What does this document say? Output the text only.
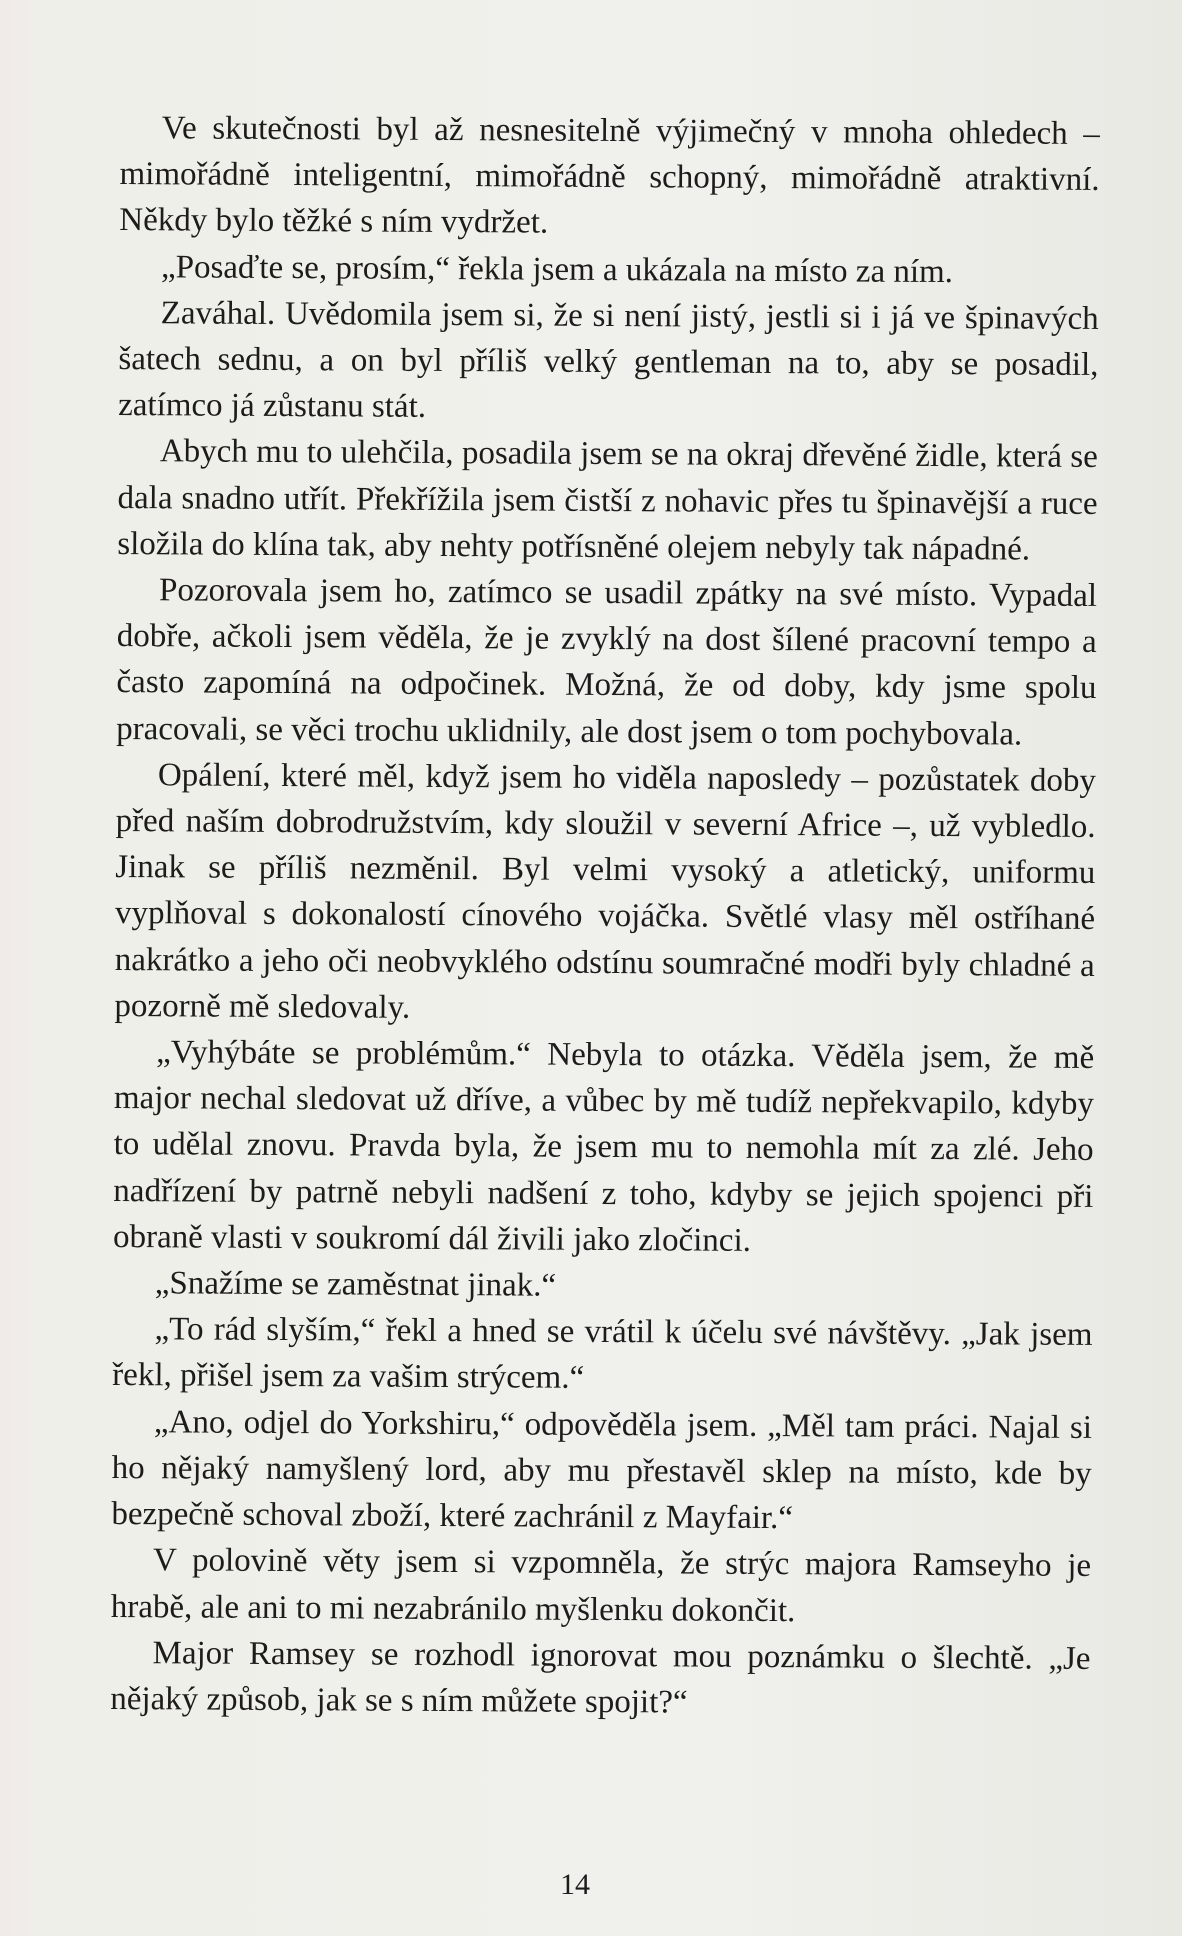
Ve skutečnosti byl až nesnesitelně výjimečný v mnoha ohledech – mimořádně inteligentní, mimořádně schopný, mimořádně atraktivní. Někdy bylo těžké s ním vydržet.

„Posaďte se, prosím,“ řekla jsem a ukázala na místo za ním.

Zaváhal. Uvědomila jsem si, že si není jistý, jestli si i já ve špinavých šatech sednu, a on byl příliš velký gentleman na to, aby se posadil, zatímco já zůstanu stát.

Abych mu to ulehčila, posadila jsem se na okraj dřevěné židle, která se dala snadno utřít. Překřížila jsem čistší z nohavic přes tu špinavější a ruce složila do klína tak, aby nehty potřísněné olejem nebyly tak nápadné.

Pozorovala jsem ho, zatímco se usadil zpátky na své místo. Vypadal dobře, ačkoli jsem věděla, že je zvyklý na dost šílené pracovní tempo a často zapomíná na odpočinek. Možná, že od doby, kdy jsme spolu pracovali, se věci trochu uklidnily, ale dost jsem o tom pochybovala.

Opálení, které měl, když jsem ho viděla naposledy – pozůstatek doby před naším dobrodružstvím, kdy sloužil v severní Africe –, už vybledlo. Jinak se příliš nezměnil. Byl velmi vysoký a atletický, uniformu vyplňoval s dokonalostí cínového vojáčka. Světlé vlasy měl ostříhané nakrátko a jeho oči neobvyklého odstínu soumračné modři byly chladné a pozorně mě sledovaly.

„Vyhýbáte se problémům.“ Nebyla to otázka. Věděla jsem, že mě major nechal sledovat už dříve, a vůbec by mě tudíž nepřekvapilo, kdyby to udělal znovu. Pravda byla, že jsem mu to nemohla mít za zlé. Jeho nadřízení by patrně nebyli nadšení z toho, kdyby se jejich spojenci při obraně vlasti v soukromí dál živili jako zločinci.

„Snažíme se zaměstnat jinak.“

„To rád slyším,“ řekl a hned se vrátil k účelu své návštěvy. „Jak jsem řekl, přišel jsem za vašim strýcem.“

„Ano, odjel do Yorkshiru,“ odpověděla jsem. „Měl tam práci. Najal si ho nějaký namyšlený lord, aby mu přestavěl sklep na místo, kde by bezpečně schoval zboží, které zachránil z Mayfair.“

V polovině věty jsem si vzpomněla, že strýc majora Ramseyho je hrabě, ale ani to mi nezabránilo myšlenku dokončit.

Major Ramsey se rozhodl ignorovat mou poznámku o šlechtě. „Je nějaký způsob, jak se s ním můžete spojit?“

14
